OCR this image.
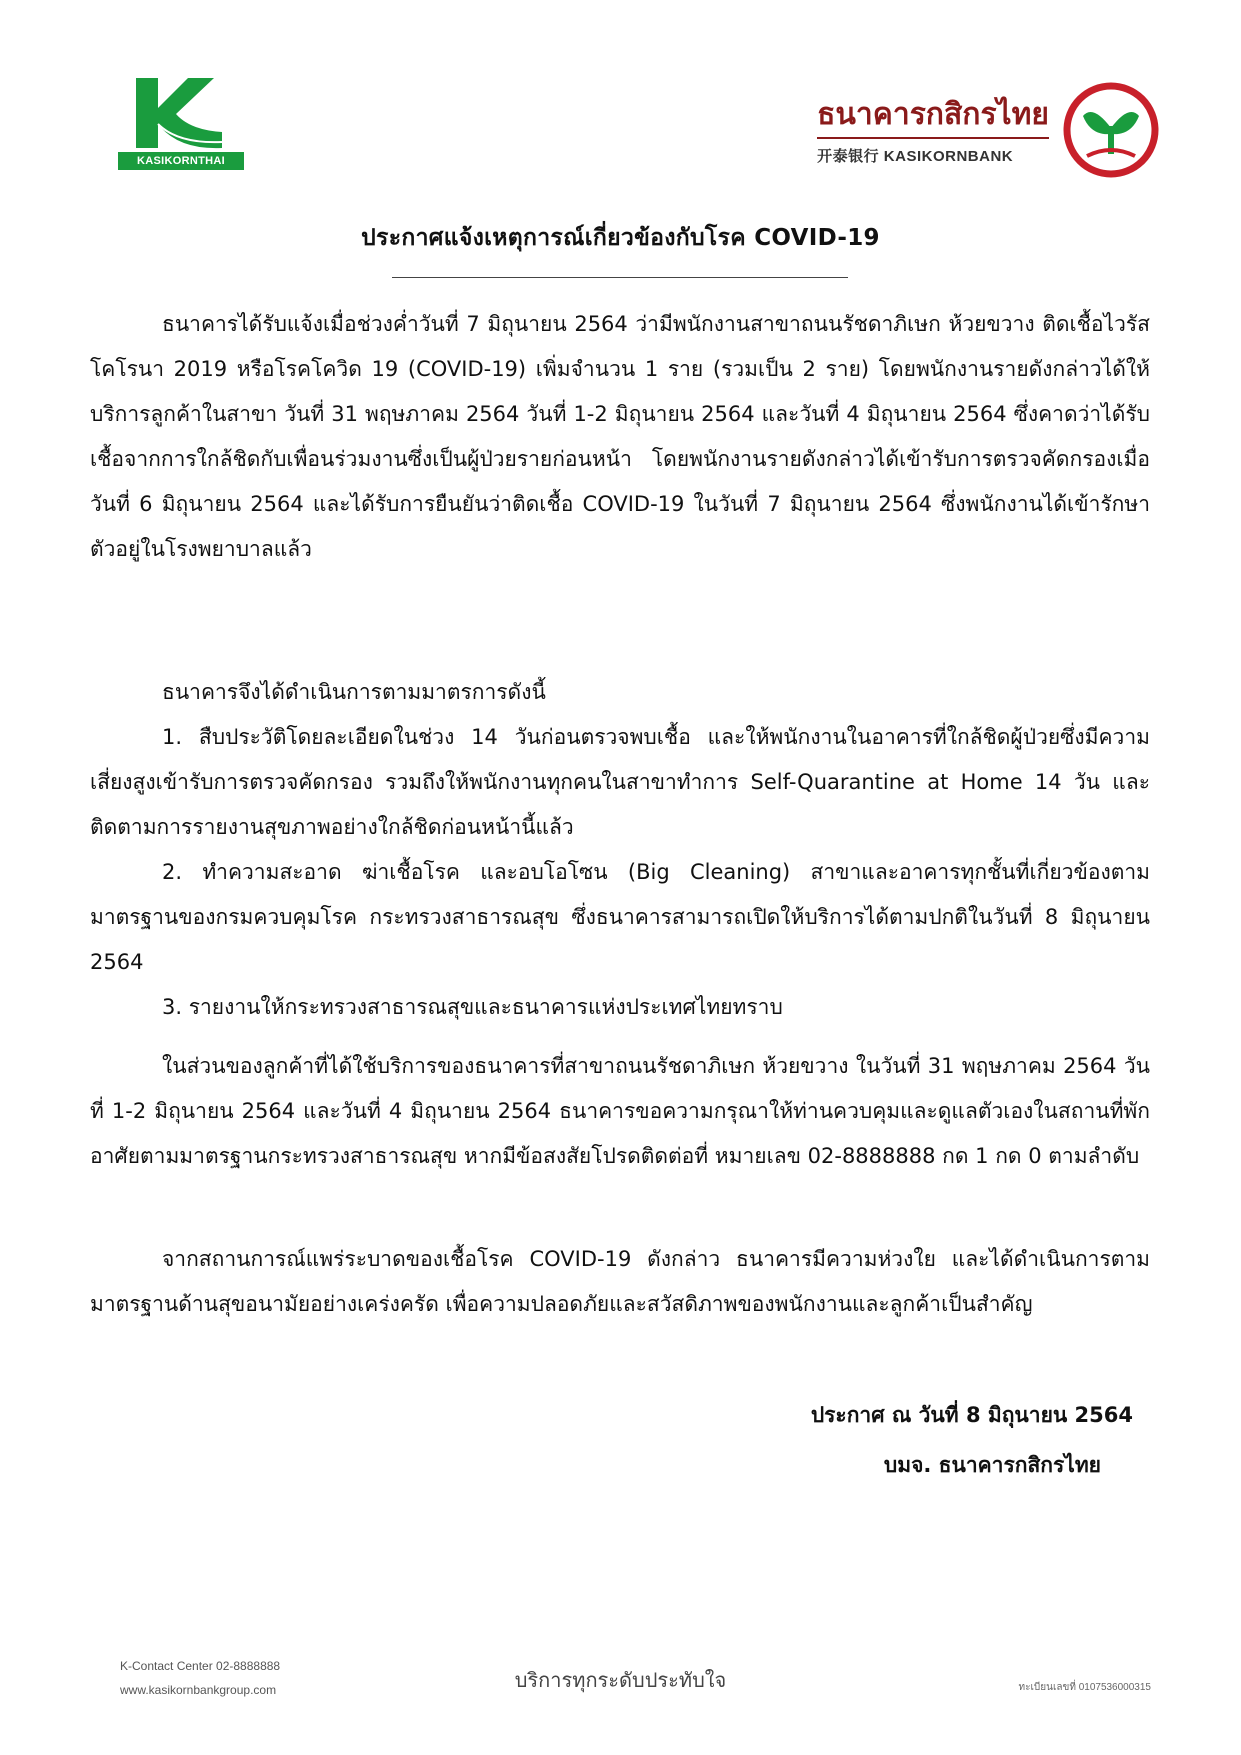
KASIKORNTHAI
ธนาคารกสิกรไทย
开泰银行 KASIKORNBANK
ประกาศแจ้งเหตุการณ์เกี่ยวข้องกับโรค COVID-19

ธนาคารได้รับแจ้งเมื่อช่วงค่ำวันที่ 7 มิถุนายน 2564 ว่ามีพนักงานสาขาถนนรัชดาภิเษก ห้วยขวาง ติดเชื้อไวรัสโคโรนา 2019 หรือโรคโควิด 19 (COVID-19) เพิ่มจำนวน 1 ราย (รวมเป็น 2 ราย) โดยพนักงานรายดังกล่าวได้ให้บริการลูกค้าในสาขา วันที่ 31 พฤษภาคม 2564 วันที่ 1-2 มิถุนายน 2564 และวันที่ 4 มิถุนายน 2564 ซึ่งคาดว่าได้รับเชื้อจากการใกล้ชิดกับเพื่อนร่วมงานซึ่งเป็นผู้ป่วยรายก่อนหน้า โดยพนักงานรายดังกล่าวได้เข้ารับการตรวจคัดกรองเมื่อวันที่ 6 มิถุนายน 2564 และได้รับการยืนยันว่าติดเชื้อ COVID-19 ในวันที่ 7 มิถุนายน 2564 ซึ่งพนักงานได้เข้ารักษาตัวอยู่ในโรงพยาบาลแล้ว

ธนาคารจึงได้ดำเนินการตามมาตรการดังนี้

1. สืบประวัติโดยละเอียดในช่วง 14 วันก่อนตรวจพบเชื้อ และให้พนักงานในอาคารที่ใกล้ชิดผู้ป่วยซึ่งมีความเสี่ยงสูงเข้ารับการตรวจคัดกรอง รวมถึงให้พนักงานทุกคนในสาขาทำการ Self-Quarantine at Home 14 วัน และติดตามการรายงานสุขภาพอย่างใกล้ชิดก่อนหน้านี้แล้ว

2. ทำความสะอาด ฆ่าเชื้อโรค และอบโอโซน (Big Cleaning) สาขาและอาคารทุกชั้นที่เกี่ยวข้องตามมาตรฐานของกรมควบคุมโรค กระทรวงสาธารณสุข ซึ่งธนาคารสามารถเปิดให้บริการได้ตามปกติในวันที่ 8 มิถุนายน 2564

3. รายงานให้กระทรวงสาธารณสุขและธนาคารแห่งประเทศไทยทราบ

ในส่วนของลูกค้าที่ได้ใช้บริการของธนาคารที่สาขาถนนรัชดาภิเษก ห้วยขวาง ในวันที่ 31 พฤษภาคม 2564 วันที่ 1-2 มิถุนายน 2564 และวันที่ 4 มิถุนายน 2564 ธนาคารขอความกรุณาให้ท่านควบคุมและดูแลตัวเองในสถานที่พักอาศัยตามมาตรฐานกระทรวงสาธารณสุข หากมีข้อสงสัยโปรดติดต่อที่ หมายเลข 02-8888888 กด 1 กด 0 ตามลำดับ

จากสถานการณ์แพร่ระบาดของเชื้อโรค COVID-19 ดังกล่าว ธนาคารมีความห่วงใย และได้ดำเนินการตามมาตรฐานด้านสุขอนามัยอย่างเคร่งครัด เพื่อความปลอดภัยและสวัสดิภาพของพนักงานและลูกค้าเป็นสำคัญ

ประกาศ ณ วันที่ 8 มิถุนายน 2564
บมจ. ธนาคารกสิกรไทย
K-Contact Center 02-8888888
www.kasikornbankgroup.com	บริการทุกระดับประทับใจ	ทะเบียนเลขที่ 0107536000315
